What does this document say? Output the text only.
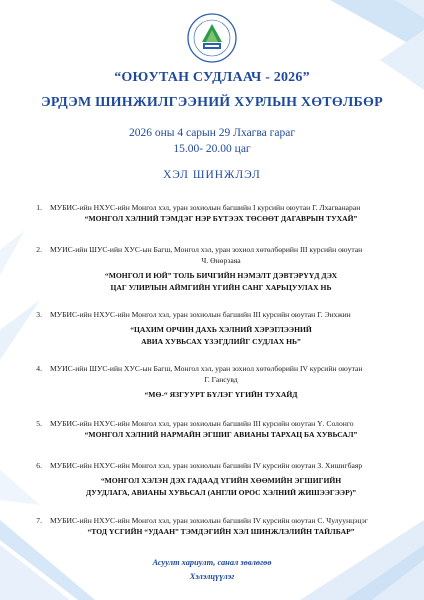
“ОЮУТАН СУДЛААЧ - 2026”
ЭРДЭМ ШИНЖИЛГЭЭНИЙ ХУРЛЫН ХӨТӨЛБӨР
2026 оны 4 сарын 29 Лхагва гараг
15.00- 20.00 цаг
ХЭЛ ШИНЖЛЭЛ
1. МУБИС-ийн НХУС-ийн Монгол хэл, уран зохиолын багшийн I курсийн оюутан Г. Лхагванаран
“МОНГОЛ ХЭЛНИЙ ТЭМДЭГ НЭР БҮТЭЭХ ТӨСӨӨТ ДАГАВРЫН ТУХАЙ”
2. МУИС-ийн ШУС-ийн ХУС-ын Багш, Монгол хэл, уран зохиол хөтөлбөрийн III курсийн оюутан
Ч. Өнөрзаяа
“МОНГОЛ И ЮЙ” ТОЛЬ БИЧГИЙН НЭМЭЛТ ДЭВТЭРҮҮД ДЭХ
ЦАГ УЛИРЛЫН АЙМГИЙН ҮГИЙН САНГ ХАРЬЦУУЛАХ НЬ
3. МУБИС-ийн НХУС-ийн Монгол хэл, уран зохиолын багшийн III курсийн оюутан Г. Энхжин
“ЦАХИМ ОРЧИН ДАХЬ ХЭЛНИЙ ХЭРЭГЛЭЭНИЙ
АВИА ХУВЬСАХ ҮЗЭГДЛИЙГ СУДЛАХ НЬ”
4. МУИС-ийн ШУС-ийн ХУС-ын Багш, Монгол хэл, уран зохиол хөтөлбөрийн IV курсийн оюутан
Г. Гансувд
“МӨ-“ ЯЗГУУРТ БҮЛЭГ ҮГИЙН ТУХАЙД
5. МУБИС-ийн НХУС-ийн Монгол хэл, уран зохиолын багшийн III курсийн оюутан Ү. Солонго
“МОНГОЛ ХЭЛНИЙ НАРМАЙН ЭГШИГ АВИАНЫ ТАРХАЦ БА ХУВЬСАЛ”
6. МУБИС-ийн НХУС-ийн Монгол хэл, уран зохиолын багшийн IV курсийн оюутан З. Хишигбаяр
“МОНГОЛ ХЭЛЭН ДЭХ ГАДААД ҮГИЙН ХӨӨМИЙН ЭГШИГИЙН
ДУУДЛАГА, АВИАНЫ ХУВЬСАЛ (АНГЛИ ОРОС ХЭЛНИЙ ЖИШЭЭГЭЭР)”
7. МУБИС-ийн НХУС-ийн Монгол хэл, уран зохиолын багшийн IV курсийн оюутан С. Чулуунцэцэг
“ТОД ҮСГИЙН “УДААН” ТЭМДЭГИЙН ХЭЛ ШИНЖЛЭЛИЙН ТАЙЛБАР”
Асуулт хариулт, санал зөвлөгөө
Хэлэлцүүлэг
